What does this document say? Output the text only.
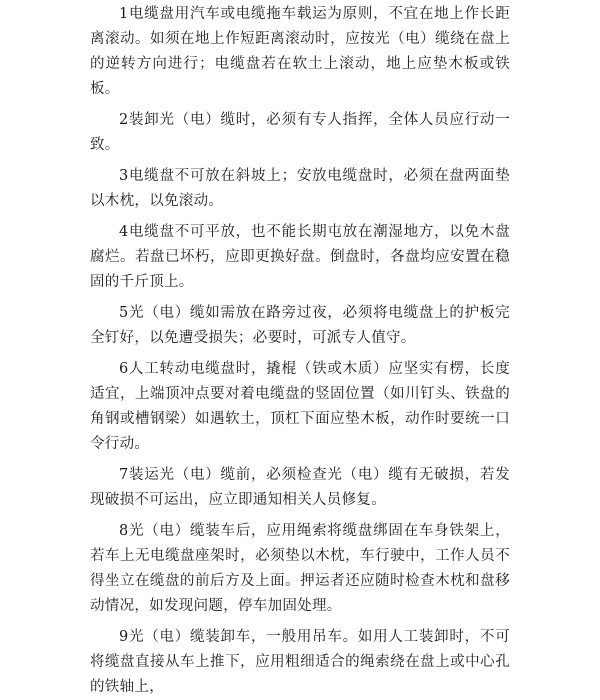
1电缆盘用汽车或电缆拖车载运为原则，不宜在地上作长距离滚动。如须在地上作短距离滚动时，应按光（电）缆绕在盘上的逆转方向进行；电缆盘若在软土上滚动，地上应垫木板或铁板。

2装卸光（电）缆时，必须有专人指挥，全体人员应行动一致。

3电缆盘不可放在斜坡上；安放电缆盘时，必须在盘两面垫以木枕，以免滚动。

4电缆盘不可平放，也不能长期屯放在潮湿地方，以免木盘腐烂。若盘已坏朽，应即更换好盘。倒盘时，各盘均应安置在稳固的千斤顶上。

5光（电）缆如需放在路旁过夜，必须将电缆盘上的护板完全钉好，以免遭受损失；必要时，可派专人值守。

6人工转动电缆盘时，撬棍（铁或木质）应坚实有楞，长度适宜，上端顶冲点要对着电缆盘的竖固位置（如川钉头、铁盘的角钢或槽钢梁）如遇软土，顶杠下面应垫木板，动作时要统一口令行动。

7装运光（电）缆前，必须检查光（电）缆有无破损，若发现破损不可运出，应立即通知相关人员修复。

8光（电）缆装车后，应用绳索将缆盘绑固在车身铁架上，若车上无电缆盘座架时，必须垫以木枕，车行驶中，工作人员不得坐立在缆盘的前后方及上面。押运者还应随时检查木枕和盘移动情况，如发现问题，停车加固处理。

9光（电）缆装卸车，一般用吊车。如用人工装卸时，不可将缆盘直接从车上推下，应用粗细适合的绳索绕在盘上或中心孔的铁轴上，
